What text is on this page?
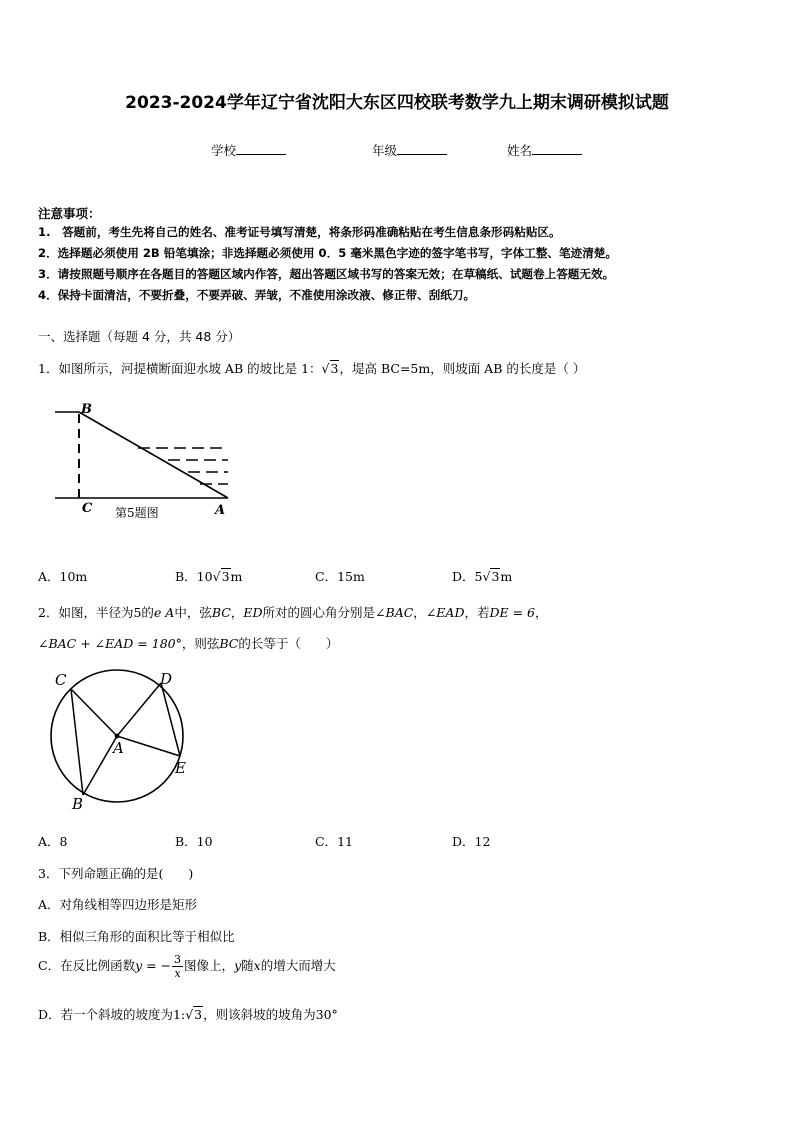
2023-2024学年辽宁省沈阳大东区四校联考数学九上期末调研模拟试题
学校	年级	姓名
注意事项：
1.　答题前，考生先将自己的姓名、准考证号填写清楚，将条形码准确粘贴在考生信息条形码粘贴区。
2．选择题必须使用 2B 铅笔填涂；非选择题必须使用 0．5 毫米黑色字迹的签字笔书写，字体工整、笔迹清楚。
3．请按照题号顺序在各题目的答题区域内作答，超出答题区域书写的答案无效；在草稿纸、试题卷上答题无效。
4．保持卡面清洁，不要折叠，不要弄破、弄皱，不准使用涂改液、修正带、刮纸刀。
一、选择题（每题 4 分，共 48 分）
1．如图所示，河提横断面迎水坡 AB 的坡比是 1：√3，堤高 BC=5m，则坡面 AB 的长度是（ ）
B
C	A
第5题图
A．10m	B．10√3m	C．15m	D．5√3m
2．如图，半径为5的e A中，弦BC，ED所对的圆心角分别是∠BAC，∠EAD，若DE = 6，
∠BAC + ∠EAD = 180°，则弦BC的长等于（　　）
C	D
A
E
B
A．8	B．10	C．11	D．12
3．下列命题正确的是(　　)
A．对角线相等四边形是矩形
B．相似三角形的面积比等于相似比
C．在反比例函数y = − $\frac{3}{x}$ 图像上，y随x的增大而增大
D．若一个斜坡的坡度为1:√3，则该斜坡的坡角为30°
